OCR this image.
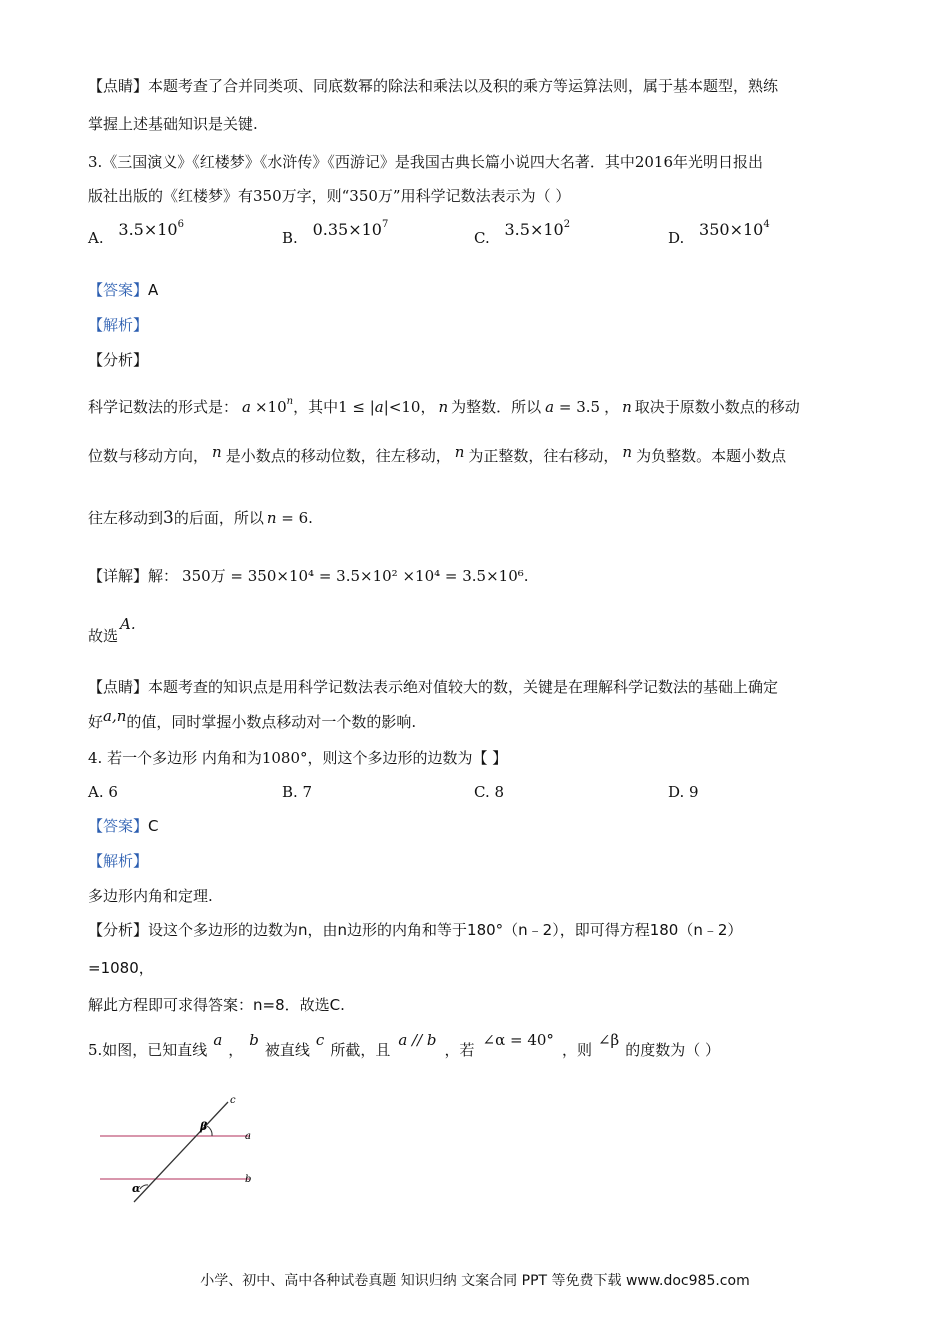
【点睛】本题考查了合并同类项、同底数幂的除法和乘法以及积的乘方等运算法则，属于基本题型，熟练
掌握上述基础知识是关键.
3.《三国演义》《红楼梦》《水浒传》《西游记》是我国古典长篇小说四大名著．其中2016年光明日报出
版社出版的《红楼梦》有350万字，则“350万”用科学记数法表示为（ ）
A. $3.5\times 10^6$
B. $0.35\times 10^7$
C. $3.5\times 10^2$
D. $350\times 10^4$
【答案】A
【解析】
【分析】
科学记数法的形式是： $a \times 10^n$，其中1 ≤ |a|<10， n 为整数．所以 a = 3.5 ， n 取决于原数小数点的移动
位数与移动方向， n 是小数点的移动位数，往左移动， n 为正整数，往右移动， n 为负整数。本题小数点
往左移动到3的后面，所以 n = 6.
【详解】解： 350万 = 350×10⁴ = 3.5×10² ×10⁴ = 3.5×10⁶.
故选A.
【点睛】本题考查的知识点是用科学记数法表示绝对值较大的数，关键是在理解科学记数法的基础上确定
好a,n的值，同时掌握小数点移动对一个数的影响.
4. 若一个多边形 内角和为1080°，则这个多边形的边数为【 】
A. 6	B. 7	C. 8	D. 9
【答案】C
【解析】
多边形内角和定理.
【分析】设这个多边形的边数为n，由n边形的内角和等于180°（n﹣2），即可得方程180（n﹣2）
=1080，
解此方程即可求得答案：n=8．故选C.
5.如图，已知直线a，b被直线c所截，且a // b，若∠α = 40°，则∠β的度数为（ ）
c
a
b
β
α
小学、初中、高中各种试卷真题 知识归纳 文案合同 PPT 等免费下载 www.doc985.com
